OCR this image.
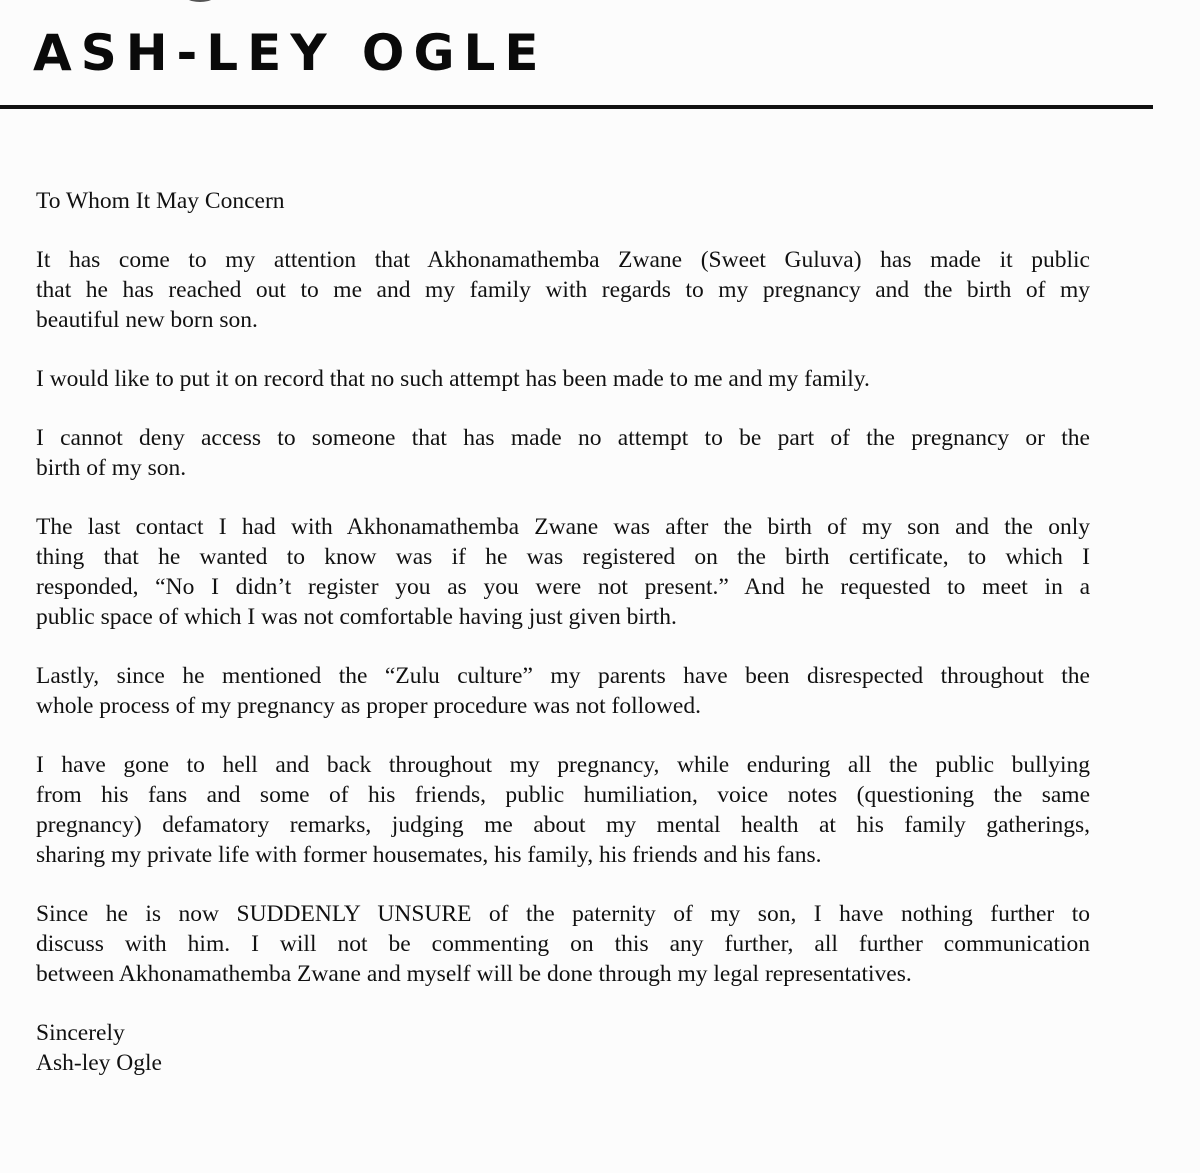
ASH-LEY OGLE

To Whom It May Concern

It has come to my attention that Akhonamathemba Zwane (Sweet Guluva) has made it public
that he has reached out to me and my family with regards to my pregnancy and the birth of my
beautiful new born son.

I would like to put it on record that no such attempt has been made to me and my family.

I cannot deny access to someone that has made no attempt to be part of the pregnancy or the
birth of my son.

The last contact I had with Akhonamathemba Zwane was after the birth of my son and the only
thing that he wanted to know was if he was registered on the birth certificate, to which I
responded, “No I didn’t register you as you were not present.” And he requested to meet in a
public space of which I was not comfortable having just given birth.

Lastly, since he mentioned the “Zulu culture” my parents have been disrespected throughout the
whole process of my pregnancy as proper procedure was not followed.

I have gone to hell and back throughout my pregnancy, while enduring all the public bullying
from his fans and some of his friends, public humiliation, voice notes (questioning the same
pregnancy) defamatory remarks, judging me about my mental health at his family gatherings,
sharing my private life with former housemates, his family, his friends and his fans.

Since he is now SUDDENLY UNSURE of the paternity of my son, I have nothing further to
discuss with him. I will not be commenting on this any further, all further communication
between Akhonamathemba Zwane and myself will be done through my legal representatives.

Sincerely
Ash-ley Ogle
